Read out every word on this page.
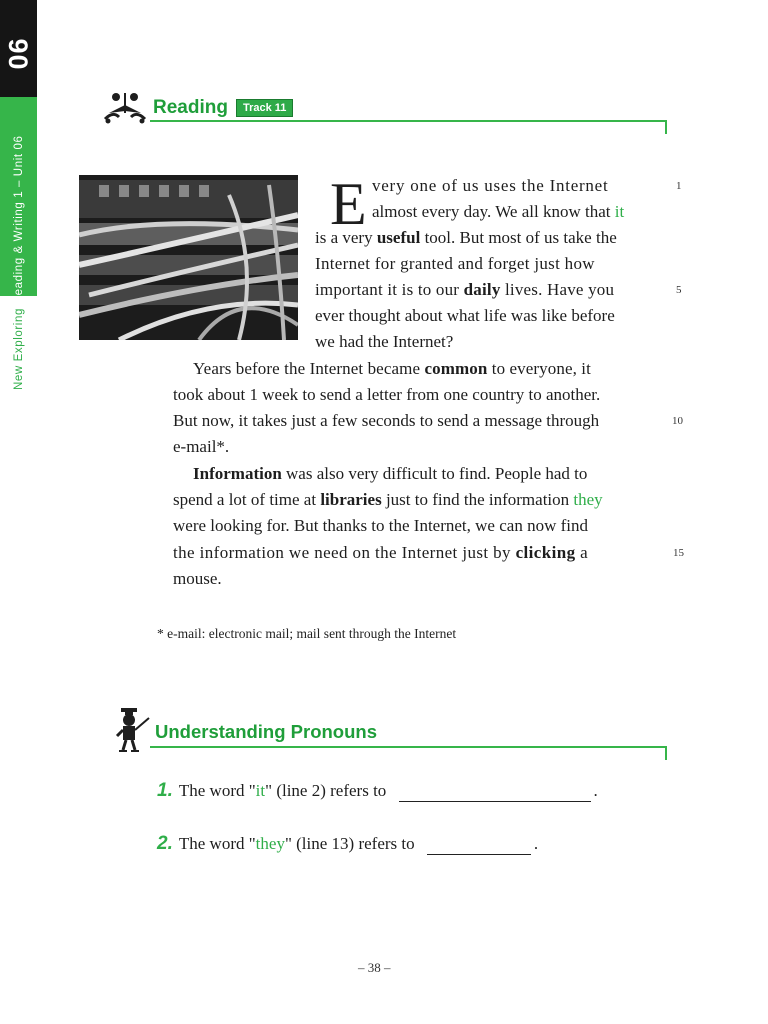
06
New Exploring Reading & Writing 1 – Unit 06
Reading	Track 11
E very one of us uses the Internet
almost every day. We all know that it
is a very useful tool. But most of us take the
Internet for granted and forget just how
important it is to our daily lives. Have you
ever thought about what life was like before
we had the Internet?
Years before the Internet became common to everyone, it
took about 1 week to send a letter from one country to another.
But now, it takes just a few seconds to send a message through
e-mail*.
Information was also very difficult to find. People had to
spend a lot of time at libraries just to find the information they
were looking for. But thanks to the Internet, we can now find
the information we need on the Internet just by clicking a
mouse.
1
5
10
15
* e-mail: electronic mail; mail sent through the Internet
Understanding Pronouns
1. The word "it" (line 2) refers to	.
2. The word "they" (line 13) refers to	.
– 38 –
